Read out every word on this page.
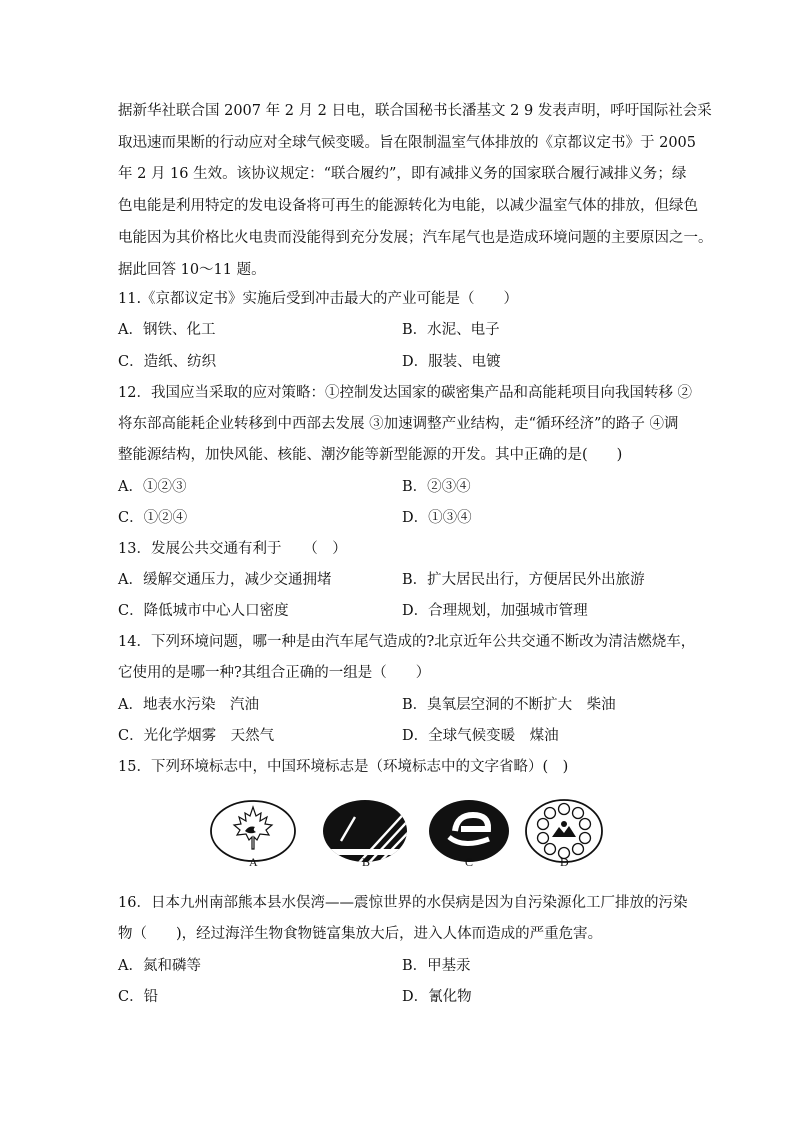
据新华社联合国 2007 年 2 月 2 日电，联合国秘书长潘基文 2 9 发表声明，呼吁国际社会采
取迅速而果断的行动应对全球气候变暖。旨在限制温室气体排放的《京都议定书》于 2005
年 2 月 16 生效。该协议规定：“联合履约”，即有减排义务的国家联合履行减排义务；绿
色电能是利用特定的发电设备将可再生的能源转化为电能，以减少温室气体的排放，但绿色
电能因为其价格比火电贵而没能得到充分发展；汽车尾气也是造成环境问题的主要原因之一。
据此回答 10～11 题。
11.《京都议定书》实施后受到冲击最大的产业可能是（　　）
A．钢铁、化工	B．水泥、电子
C．造纸、纺织	D．服装、电镀
12．我国应当采取的应对策略：①控制发达国家的碳密集产品和高能耗项目向我国转移 ②
将东部高能耗企业转移到中西部去发展 ③加速调整产业结构，走“循环经济”的路子 ④调
整能源结构，加快风能、核能、潮汐能等新型能源的开发。其中正确的是(　　)
A．①②③	B．②③④
C．①②④	D．①③④
13．发展公共交通有利于　　（　）
A．缓解交通压力，减少交通拥堵	B．扩大居民出行，方便居民外出旅游
C．降低城市中心人口密度	D．合理规划，加强城市管理
14．下列环境问题，哪一种是由汽车尾气造成的?北京近年公共交通不断改为清洁燃烧车，
它使用的是哪一种?其组合正确的一组是（　　）
A．地表水污染　汽油	B．臭氧层空洞的不断扩大　柴油
C．光化学烟雾　天然气	D．全球气候变暖　煤油
15．下列环境标志中，中国环境标志是（环境标志中的文字省略）(　)
A	B	C	D
16．日本九州南部熊本县水俣湾——震惊世界的水俣病是因为自污染源化工厂排放的污染
物（　　)，经过海洋生物食物链富集放大后，进入人体而造成的严重危害。
A．氮和磷等	B．甲基汞
C．铅	D．氰化物
